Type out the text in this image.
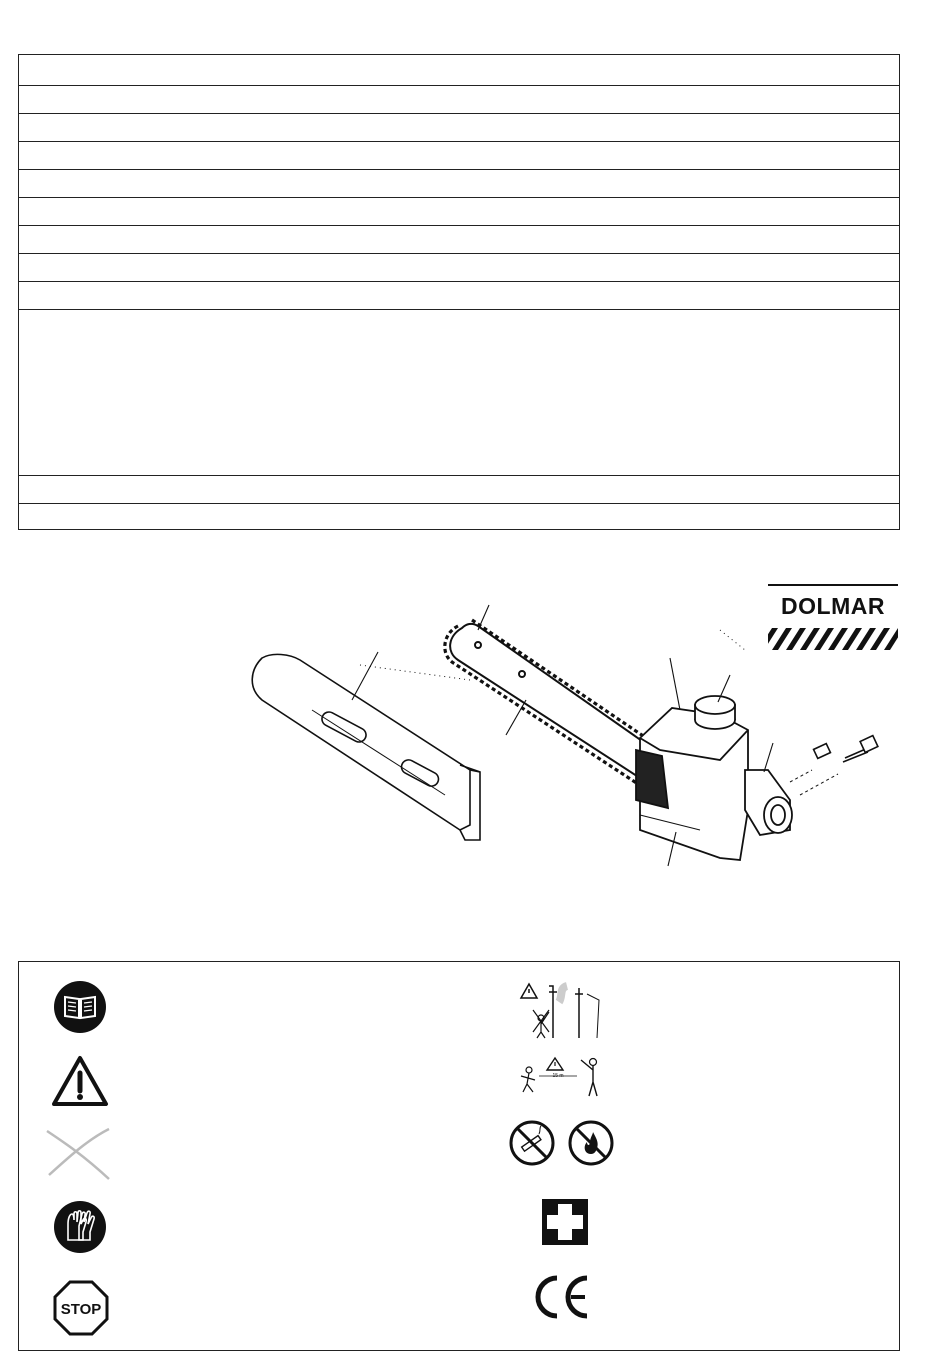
DOLMAR
STOP
15 m
